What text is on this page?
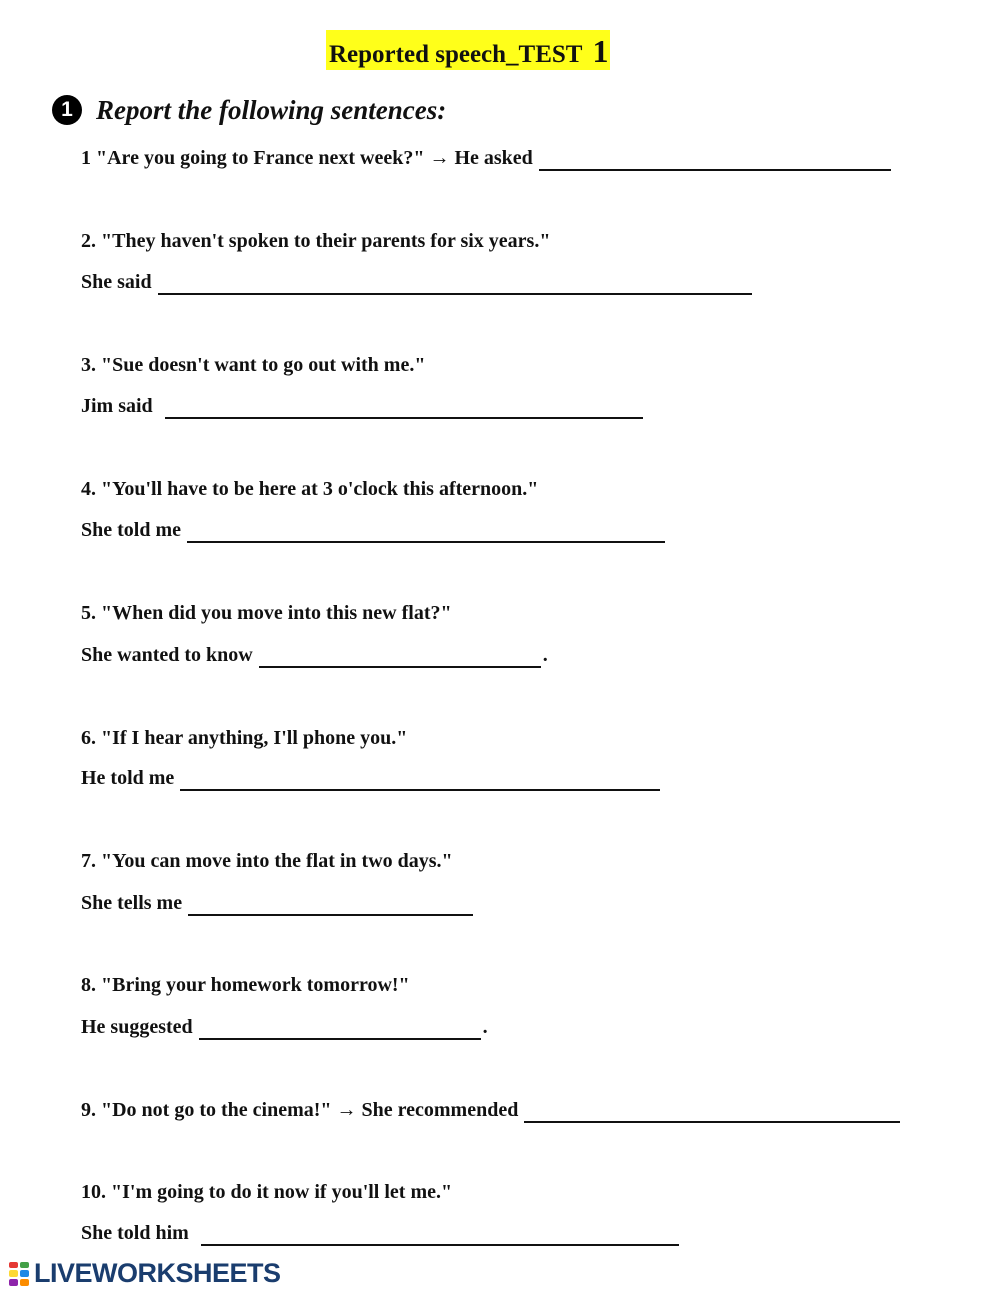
Reported speech_TEST 1
1 Report the following sentences:
1 "Are you going to France next week?" → He asked
2. "They haven't spoken to their parents for six years."
She said
3. "Sue doesn't want to go out with me."
Jim said
4. "You'll have to be here at 3 o'clock this afternoon."
She told me
5. "When did you move into this new flat?"
She wanted to know	.
6. "If I hear anything, I'll phone you."
He told me
7. "You can move into the flat in two days."
She tells me
8. "Bring your homework tomorrow!"
He suggested	.
9. "Do not go to the cinema!" → She recommended
10. "I'm going to do it now if you'll let me."
She told him
LIVEWORKSHEETS
